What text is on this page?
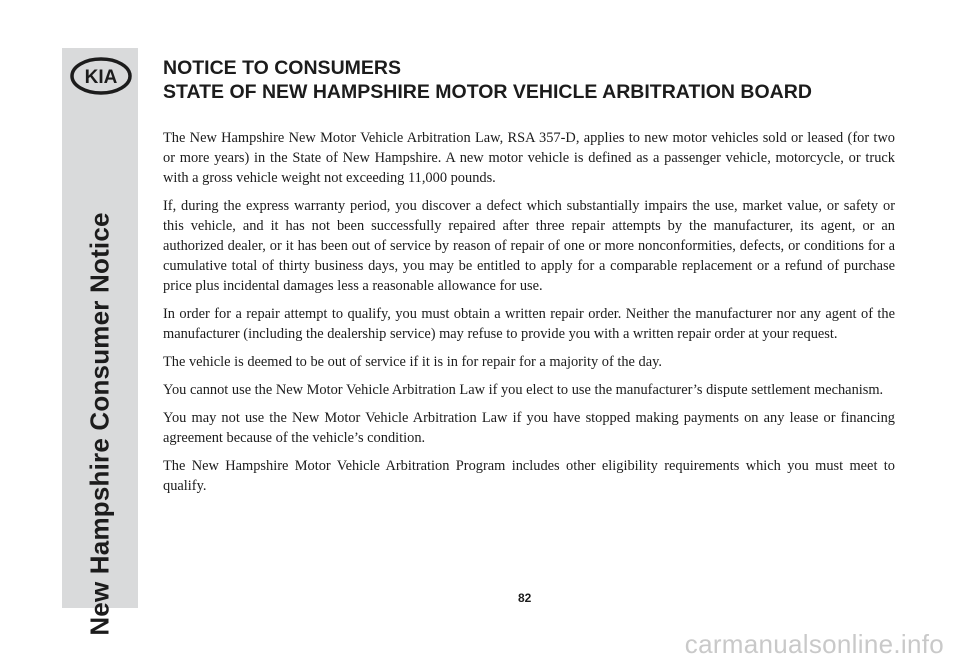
KIA
New Hampshire Consumer Notice
NOTICE TO CONSUMERS
STATE OF NEW HAMPSHIRE MOTOR VEHICLE ARBITRATION BOARD

The New Hampshire New Motor Vehicle Arbitration Law, RSA 357-D, applies to new motor vehicles sold or leased (for two or more years) in the State of New Hampshire. A new motor vehicle is defined as a passenger vehicle, motorcycle, or truck with a gross vehicle weight not exceeding 11,000 pounds.

If, during the express warranty period, you discover a defect which substantially impairs the use, market value, or safety or this vehicle, and it has not been successfully repaired after three repair attempts by the manufacturer, its agent, or an authorized dealer, or it has been out of service by reason of repair of one or more nonconformities, defects, or conditions for a cumulative total of thirty business days, you may be entitled to apply for a comparable replacement or a refund of purchase price plus incidental damages less a reasonable allowance for use.

In order for a repair attempt to qualify, you must obtain a written repair order. Neither the manufacturer nor any agent of the manufacturer (including the dealership service) may refuse to provide you with a written repair order at your request.

The vehicle is deemed to be out of service if it is in for repair for a majority of the day.

You cannot use the New Motor Vehicle Arbitration Law if you elect to use the manufacturer’s dispute settlement mechanism.

You may not use the New Motor Vehicle Arbitration Law if you have stopped making payments on any lease or financing agreement because of the vehicle’s condition.

The New Hampshire Motor Vehicle Arbitration Program includes other eligibility requirements which you must meet to qualify.

82
carmanualsonline.info
